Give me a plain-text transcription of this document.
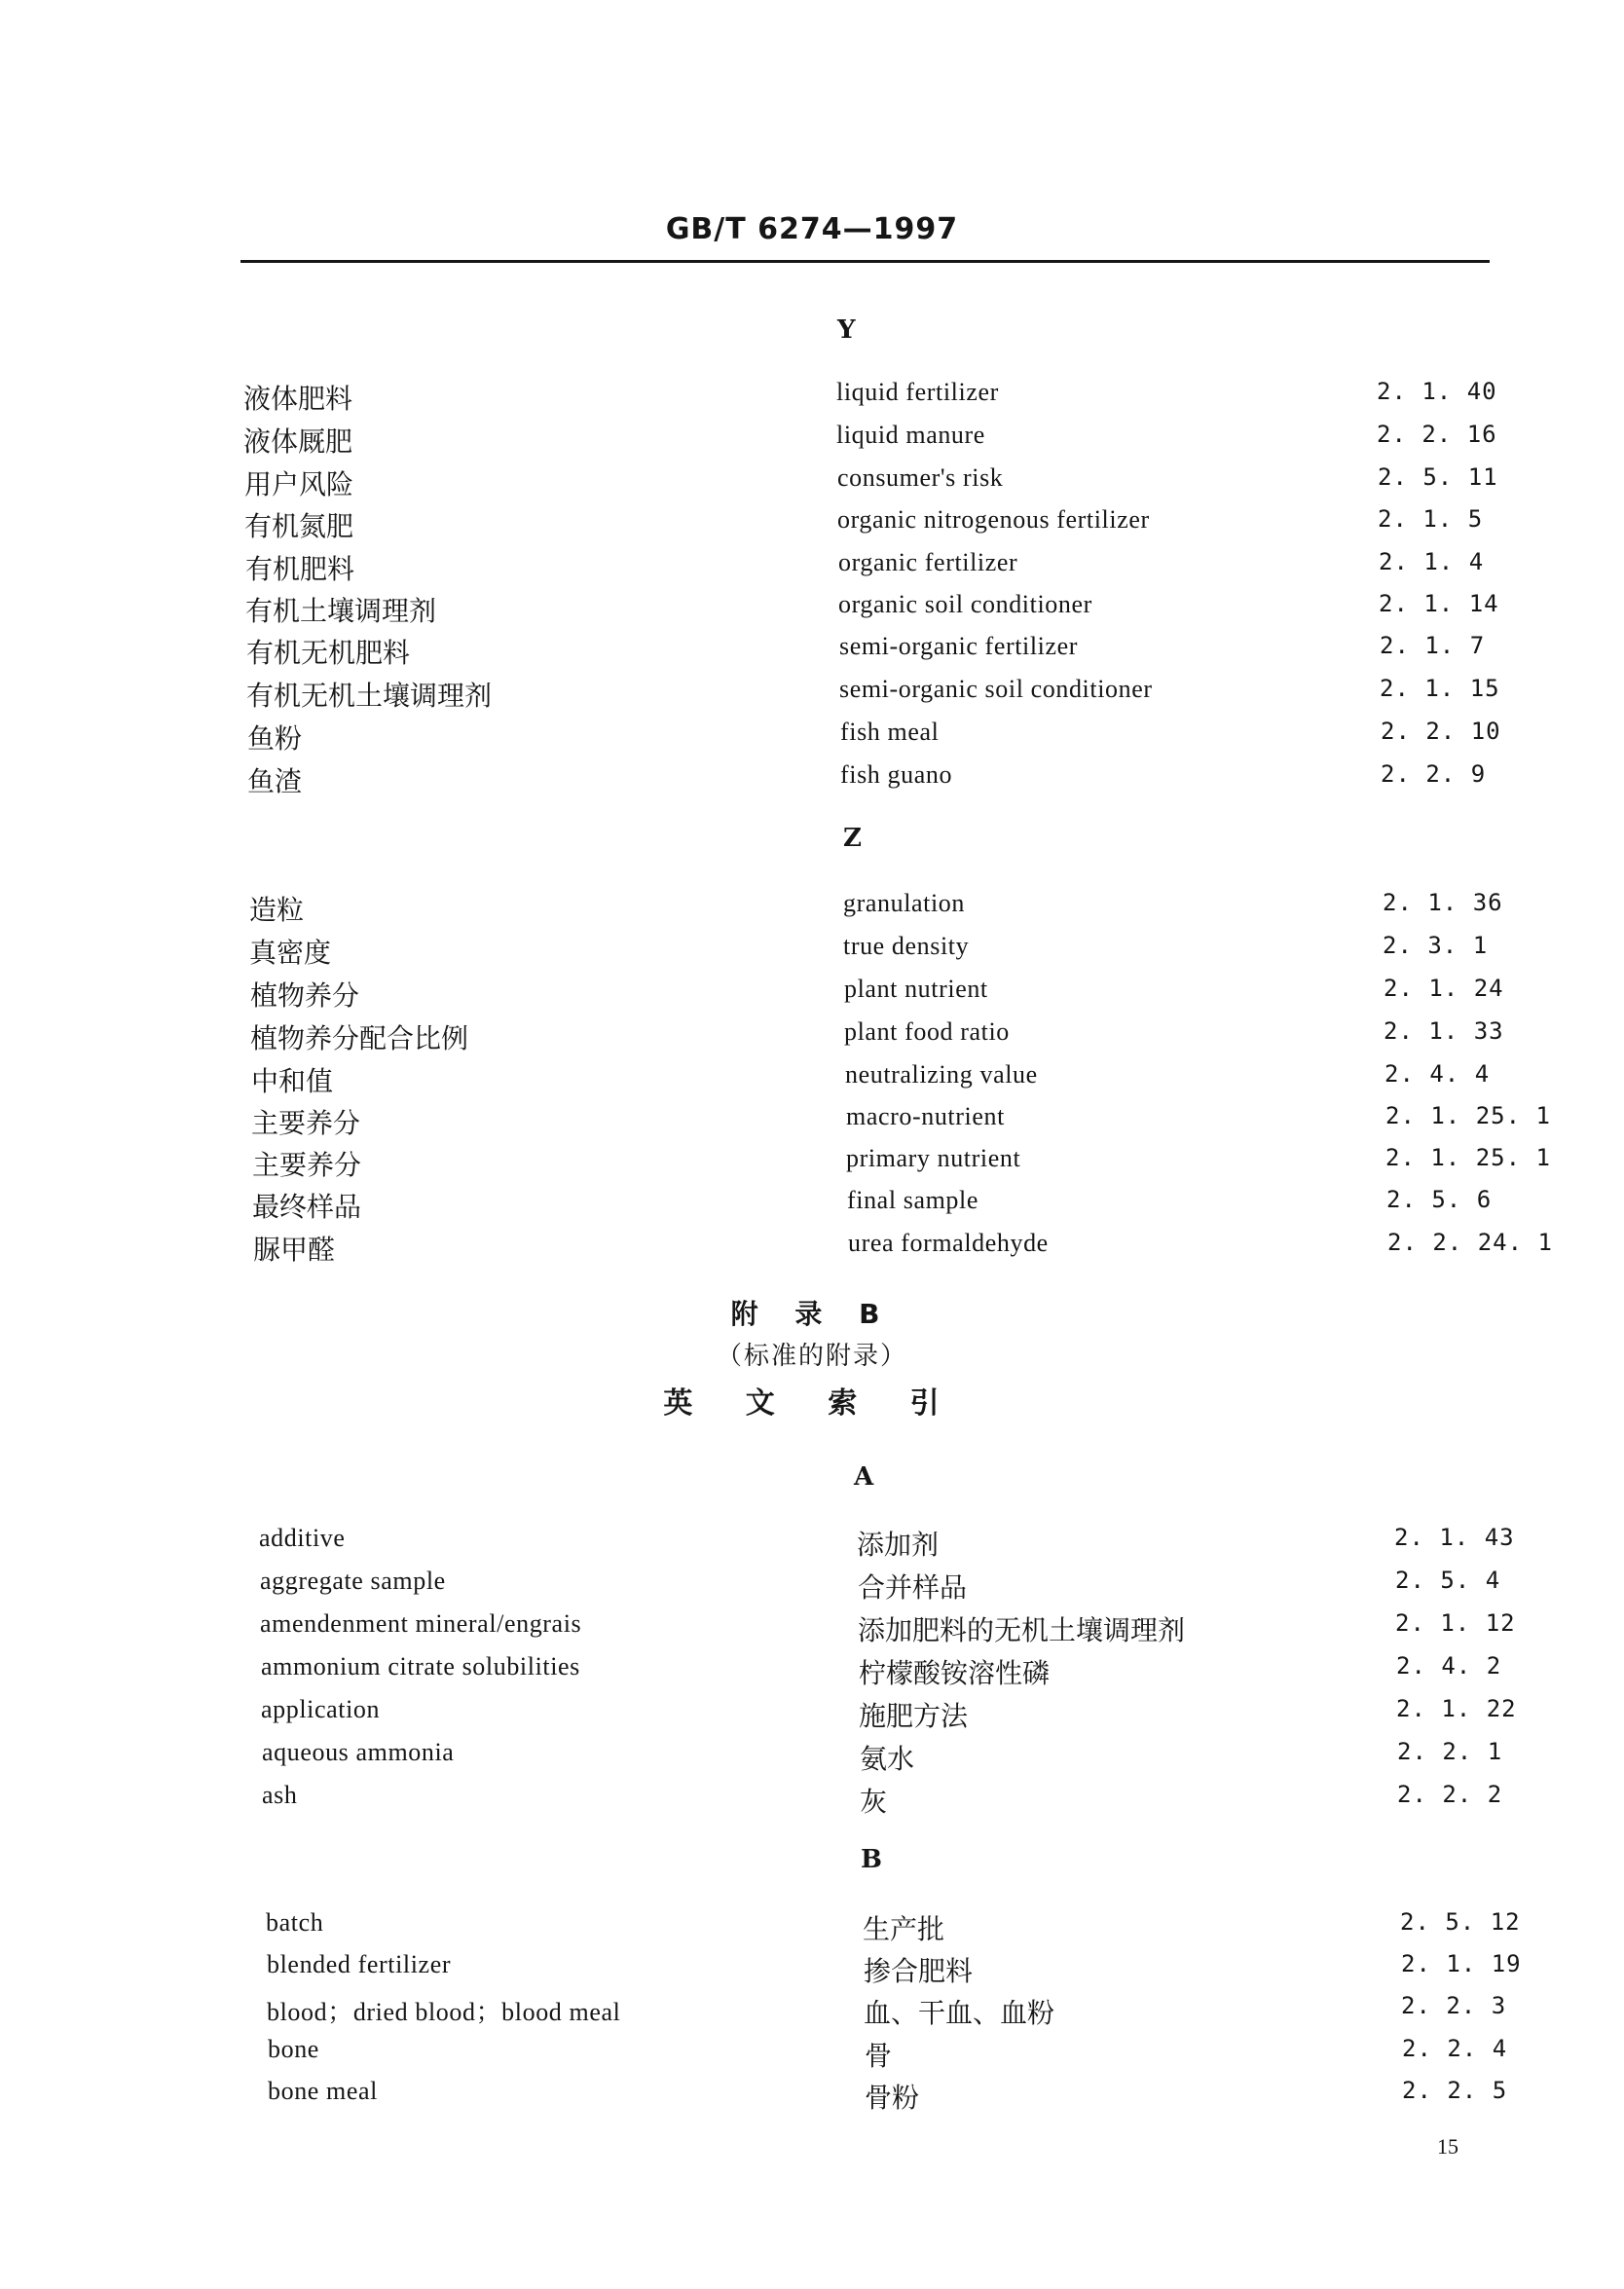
GB/T 6274—1997
Y
液体肥料	liquid fertilizer	2. 1. 40
液体厩肥	liquid manure	2. 2. 16
用户风险	consumer's risk	2. 5. 11
有机氮肥	organic nitrogenous fertilizer	2. 1. 5
有机肥料	organic fertilizer	2. 1. 4
有机土壤调理剂	organic soil conditioner	2. 1. 14
有机无机肥料	semi-organic fertilizer	2. 1. 7
有机无机土壤调理剂	semi-organic soil conditioner	2. 1. 15
鱼粉	fish meal	2. 2. 10
鱼渣	fish guano	2. 2. 9
Z
造粒	granulation	2. 1. 36
真密度	true density	2. 3. 1
植物养分	plant nutrient	2. 1. 24
植物养分配合比例	plant food ratio	2. 1. 33
中和值	neutralizing value	2. 4. 4
主要养分	macro-nutrient	2. 1. 25. 1
主要养分	primary nutrient	2. 1. 25. 1
最终样品	final sample	2. 5. 6
脲甲醛	urea formaldehyde	2. 2. 24. 1
附 录 B
（标准的附录）
英 文 索 引
A
additive	添加剂	2. 1. 43
aggregate sample	合并样品	2. 5. 4
amendenment mineral/engrais	添加肥料的无机土壤调理剂	2. 1. 12
ammonium citrate solubilities	柠檬酸铵溶性磷	2. 4. 2
application	施肥方法	2. 1. 22
aqueous ammonia	氨水	2. 2. 1
ash	灰	2. 2. 2
B
batch	生产批	2. 5. 12
blended fertilizer	掺合肥料	2. 1. 19
blood；dried blood；blood meal	血、干血、血粉	2. 2. 3
bone	骨	2. 2. 4
bone meal	骨粉	2. 2. 5
15
